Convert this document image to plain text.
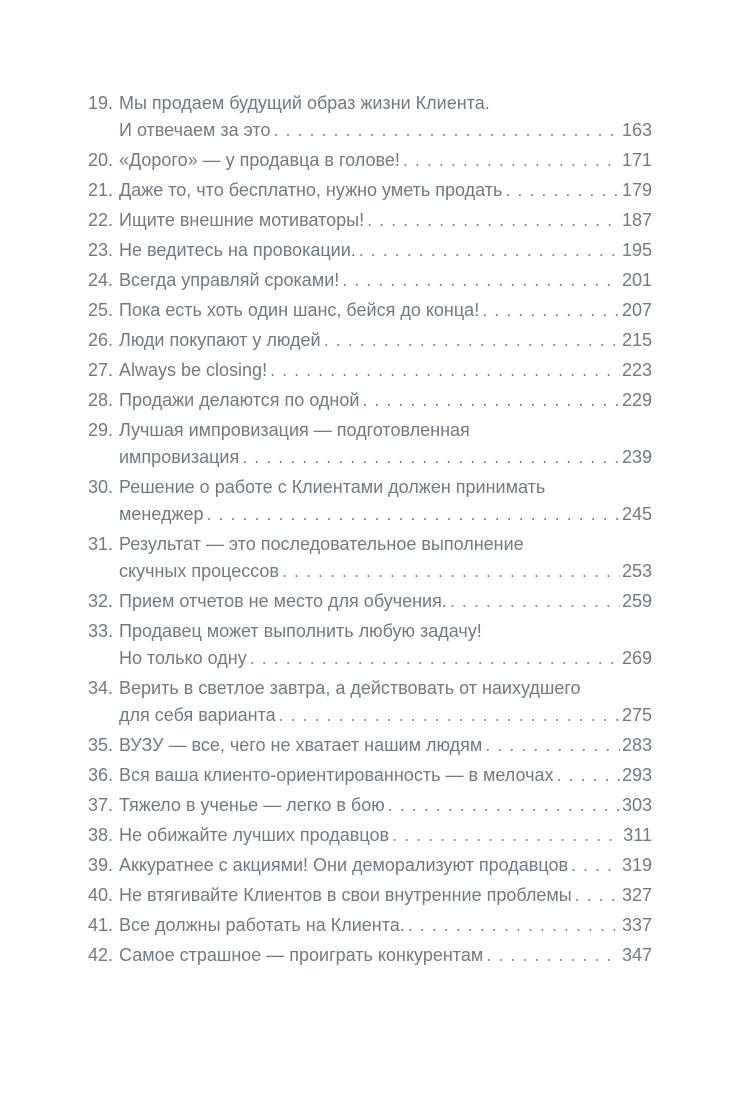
19. Мы продаем будущий образ жизни Клиента.
И отвечаем за это . . .	163
20. «Дорого» — у продавца в голове! . . .	171
21. Даже то, что бесплатно, нужно уметь продать . . .	179
22. Ищите внешние мотиваторы! . . .	187
23. Не ведитесь на провокации. . . .	195
24. Всегда управляй сроками! . . .	201
25. Пока есть хоть один шанс, бейся до конца! . . .	207
26. Люди покупают у людей . . .	215
27. Always be closing! . . .	223
28. Продажи делаются по одной . . .	229
29. Лучшая импровизация — подготовленная
импровизация . . .	239
30. Решение о работе с Клиентами должен принимать
менеджер . . .	245
31. Результат — это последовательное выполнение
скучных процессов . . .	253
32. Прием отчетов не место для обучения. . . .	259
33. Продавец может выполнить любую задачу!
Но только одну . . .	269
34. Верить в светлое завтра, а действовать от наихудшего
для себя варианта . . .	275
35. ВУЗУ — все, чего не хватает нашим людям . . .	283
36. Вся ваша клиенто-ориентированность — в мелочах . . .	293
37. Тяжело в ученье — легко в бою . . .	303
38. Не обижайте лучших продавцов . . .	311
39. Аккуратнее с акциями! Они деморализуют продавцов . . .	319
40. Не втягивайте Клиентов в свои внутренние проблемы . . .	327
41. Все должны работать на Клиента. . . .	337
42. Самое страшное — проиграть конкурентам . . .	347
